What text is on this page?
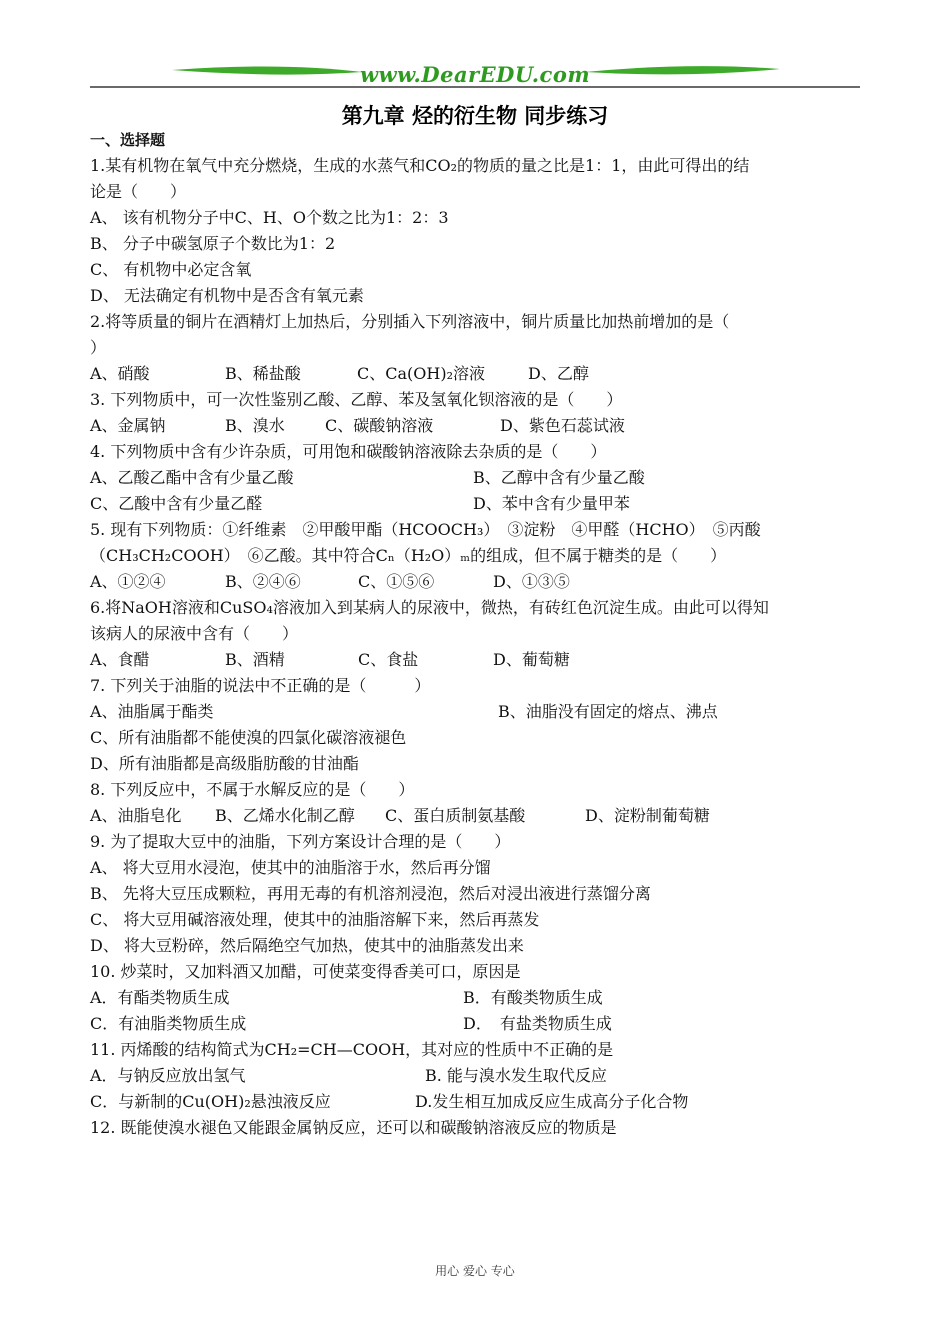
www.DearEDU.com
第九章 烃的衍生物 同步练习
一、选择题
1.某有机物在氧气中充分燃烧，生成的水蒸气和CO₂的物质的量之比是1：1，由此可得出的结
论是（　　）
A、 该有机物分子中C、H、O个数之比为1：2：3
B、 分子中碳氢原子个数比为1：2
C、 有机物中必定含氧
D、 无法确定有机物中是否含有氧元素
2.将等质量的铜片在酒精灯上加热后，分别插入下列溶液中，铜片质量比加热前增加的是（
）
A、硝酸	B、稀盐酸	C、Ca(OH)₂溶液	D、乙醇
3. 下列物质中，可一次性鉴别乙酸、乙醇、苯及氢氧化钡溶液的是（　　）
A、金属钠	B、溴水	C、碳酸钠溶液	D、紫色石蕊试液
4. 下列物质中含有少许杂质，可用饱和碳酸钠溶液除去杂质的是（　　）
A、乙酸乙酯中含有少量乙酸	B、乙醇中含有少量乙酸
C、乙酸中含有少量乙醛	D、苯中含有少量甲苯
5. 现有下列物质：①纤维素　②甲酸甲酯（HCOOCH₃）　③淀粉　④甲醛（HCHO）　⑤丙酸
（CH₃CH₂COOH）　⑥乙酸。其中符合Cₙ（H₂O）ₘ的组成，但不属于糖类的是（　　）
A、①②④	B、②④⑥	C、①⑤⑥	D、①③⑤
6.将NaOH溶液和CuSO₄溶液加入到某病人的尿液中，微热，有砖红色沉淀生成。由此可以得知
该病人的尿液中含有（　　）
A、食醋	B、酒精	C、食盐	D、葡萄糖
7. 下列关于油脂的说法中不正确的是（　　　）
A、油脂属于酯类	B、油脂没有固定的熔点、沸点
C、所有油脂都不能使溴的四氯化碳溶液褪色
D、所有油脂都是高级脂肪酸的甘油酯
8. 下列反应中，不属于水解反应的是（　　）
A、油脂皂化	B、乙烯水化制乙醇	C、蛋白质制氨基酸	D、淀粉制葡萄糖
9. 为了提取大豆中的油脂，下列方案设计合理的是（　　）
A、 将大豆用水浸泡，使其中的油脂溶于水，然后再分馏
B、 先将大豆压成颗粒，再用无毒的有机溶剂浸泡，然后对浸出液进行蒸馏分离
C、 将大豆用碱溶液处理，使其中的油脂溶解下来，然后再蒸发
D、 将大豆粉碎，然后隔绝空气加热，使其中的油脂蒸发出来
10. 炒菜时，又加料酒又加醋，可使菜变得香美可口，原因是
A．有酯类物质生成	B．有酸类物质生成
C．有油脂类物质生成	D．　有盐类物质生成
11. 丙烯酸的结构简式为CH₂=CH—COOH，其对应的性质中不正确的是
A．与钠反应放出氢气	B. 能与溴水发生取代反应
C．与新制的Cu(OH)₂悬浊液反应	D.发生相互加成反应生成高分子化合物
12. 既能使溴水褪色又能跟金属钠反应，还可以和碳酸钠溶液反应的物质是
用心 爱心 专心
